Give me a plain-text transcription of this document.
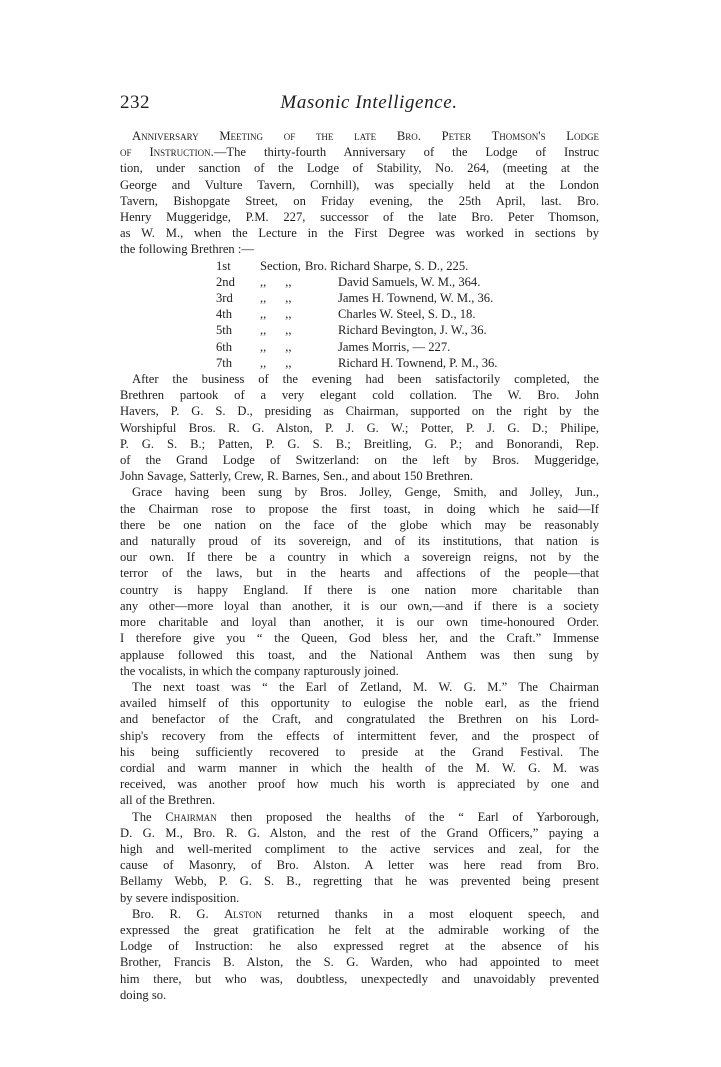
232	Masonic Intelligence.
Anniversary Meeting of the late Bro. Peter Thomson's Lodge
of Instruction.—The thirty-fourth Anniversary of the Lodge of Instruc
tion, under sanction of the Lodge of Stability, No. 264, (meeting at the
George and Vulture Tavern, Cornhill), was specially held at the London
Tavern, Bishopgate Street, on Friday evening, the 25th April, last. Bro.
Henry Muggeridge, P.M. 227, successor of the late Bro. Peter Thomson,
as W. M., when the Lecture in the First Degree was worked in sections by
the following Brethren :—
1st	Section, Bro. Richard Sharpe, S. D., 225.
2nd	,,      ,,	David Samuels, W. M., 364.
3rd	,,      ,,	James H. Townend, W. M., 36.
4th	,,      ,,	Charles W. Steel, S. D., 18.
5th	,,      ,,	Richard Bevington, J. W., 36.
6th	,,      ,,	James Morris, — 227.
7th	,,      ,,	Richard H. Townend, P. M., 36.
After the business of the evening had been satisfactorily completed, the
Brethren partook of a very elegant cold collation. The W. Bro. John
Havers, P. G. S. D., presiding as Chairman, supported on the right by the
Worshipful Bros. R. G. Alston, P. J. G. W.; Potter, P. J. G. D.; Philipe,
P. G. S. B.; Patten, P. G. S. B.; Breitling, G. P.; and Bonorandi, Rep.
of the Grand Lodge of Switzerland: on the left by Bros. Muggeridge,
John Savage, Satterly, Crew, R. Barnes, Sen., and about 150 Brethren.
Grace having been sung by Bros. Jolley, Genge, Smith, and Jolley, Jun.,
the Chairman rose to propose the first toast, in doing which he said—If
there be one nation on the face of the globe which may be reasonably
and naturally proud of its sovereign, and of its institutions, that nation is
our own. If there be a country in which a sovereign reigns, not by the
terror of the laws, but in the hearts and affections of the people—that
country is happy England. If there is one nation more charitable than
any other—more loyal than another, it is our own,—and if there is a society
more charitable and loyal than another, it is our own time-honoured Order.
I therefore give you “ the Queen, God bless her, and the Craft.” Immense
applause followed this toast, and the National Anthem was then sung by
the vocalists, in which the company rapturously joined.
The next toast was “ the Earl of Zetland, M. W. G. M.” The Chairman
availed himself of this opportunity to eulogise the noble earl, as the friend
and benefactor of the Craft, and congratulated the Brethren on his Lord-
ship's recovery from the effects of intermittent fever, and the prospect of
his being sufficiently recovered to preside at the Grand Festival. The
cordial and warm manner in which the health of the M. W. G. M. was
received, was another proof how much his worth is appreciated by one and
all of the Brethren.
The Chairman then proposed the healths of the “ Earl of Yarborough,
D. G. M., Bro. R. G. Alston, and the rest of the Grand Officers,” paying a
high and well-merited compliment to the active services and zeal, for the
cause of Masonry, of Bro. Alston. A letter was here read from Bro.
Bellamy Webb, P. G. S. B., regretting that he was prevented being present
by severe indisposition.
Bro. R. G. Alston returned thanks in a most eloquent speech, and
expressed the great gratification he felt at the admirable working of the
Lodge of Instruction: he also expressed regret at the absence of his
Brother, Francis B. Alston, the S. G. Warden, who had appointed to meet
him there, but who was, doubtless, unexpectedly and unavoidably prevented
doing so.
